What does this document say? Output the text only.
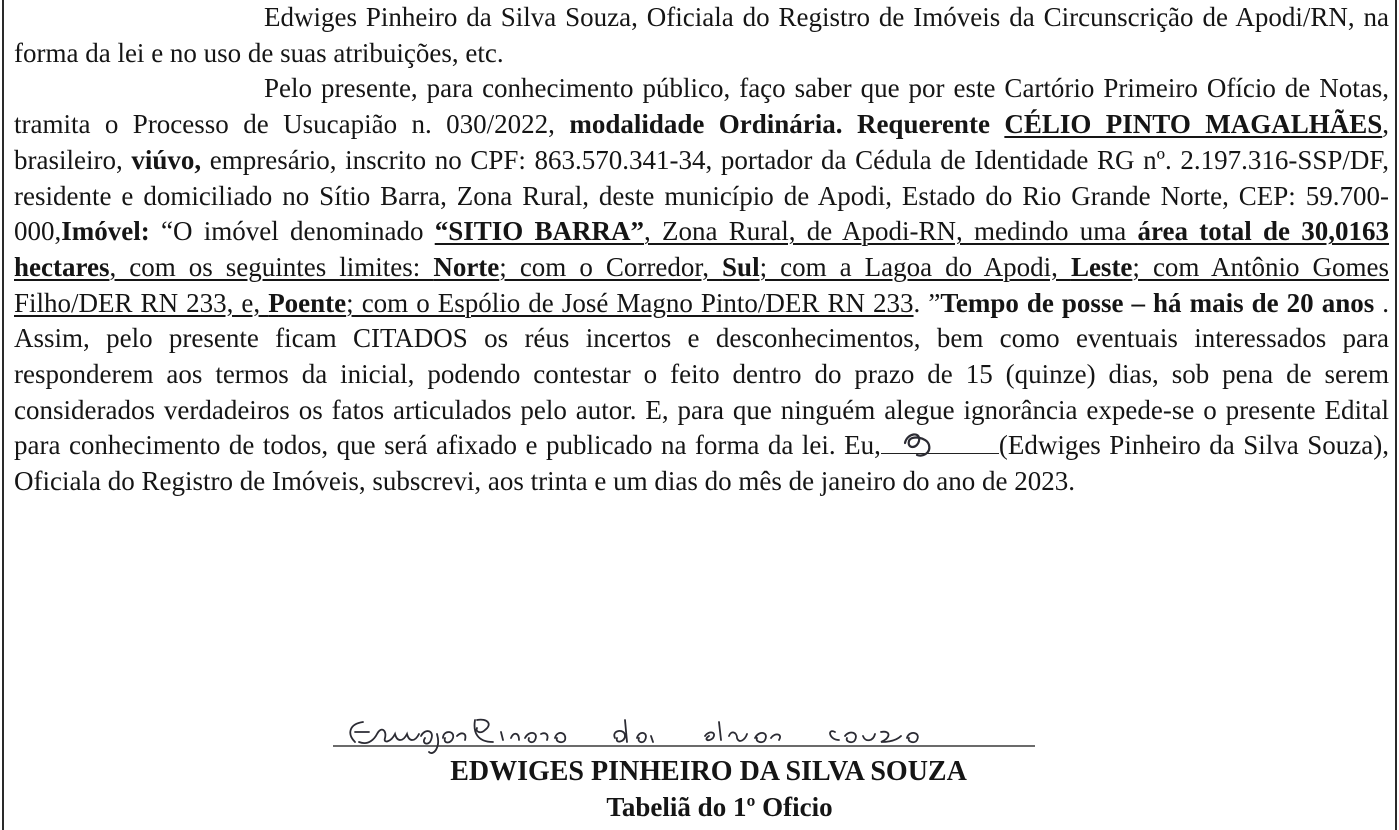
Edwiges Pinheiro da Silva Souza, Oficiala do Registro de Imóveis da Circunscrição de Apodi/RN, na forma da lei e no uso de suas atribuições, etc.

Pelo presente, para conhecimento público, faço saber que por este Cartório Primeiro Ofício de Notas, tramita o Processo de Usucapião n. 030/2022, modalidade Ordinária. Requerente CÉLIO PINTO MAGALHÃES, brasileiro, viúvo, empresário, inscrito no CPF: 863.570.341-34, portador da Cédula de Identidade RG nº. 2.197.316-SSP/DF, residente e domiciliado no Sítio Barra, Zona Rural, deste município de Apodi, Estado do Rio Grande Norte, CEP: 59.700-000,Imóvel: “O imóvel denominado “SITIO BARRA”, Zona Rural, de Apodi-RN, medindo uma área total de 30,0163 hectares, com os seguintes limites: Norte; com o Corredor, Sul; com a Lagoa do Apodi, Leste; com Antônio Gomes Filho/DER RN 233, e, Poente; com o Espólio de José Magno Pinto/DER RN 233. ”Tempo de posse – há mais de 20 anos . Assim, pelo presente ficam CITADOS os réus incertos e desconhecimentos, bem como eventuais interessados para responderem aos termos da inicial, podendo contestar o feito dentro do prazo de 15 (quinze) dias, sob pena de serem considerados verdadeiros os fatos articulados pelo autor. E, para que ninguém alegue ignorância expede-se o presente Edital para conhecimento de todos, que será afixado e publicado na forma da lei. Eu,	(Edwiges Pinheiro da Silva Souza), Oficiala do Registro de Imóveis, subscrevi, aos trinta e um dias do mês de janeiro do ano de 2023.

EDWIGES PINHEIRO DA SILVA SOUZA
Tabeliã do 1º Oficio
